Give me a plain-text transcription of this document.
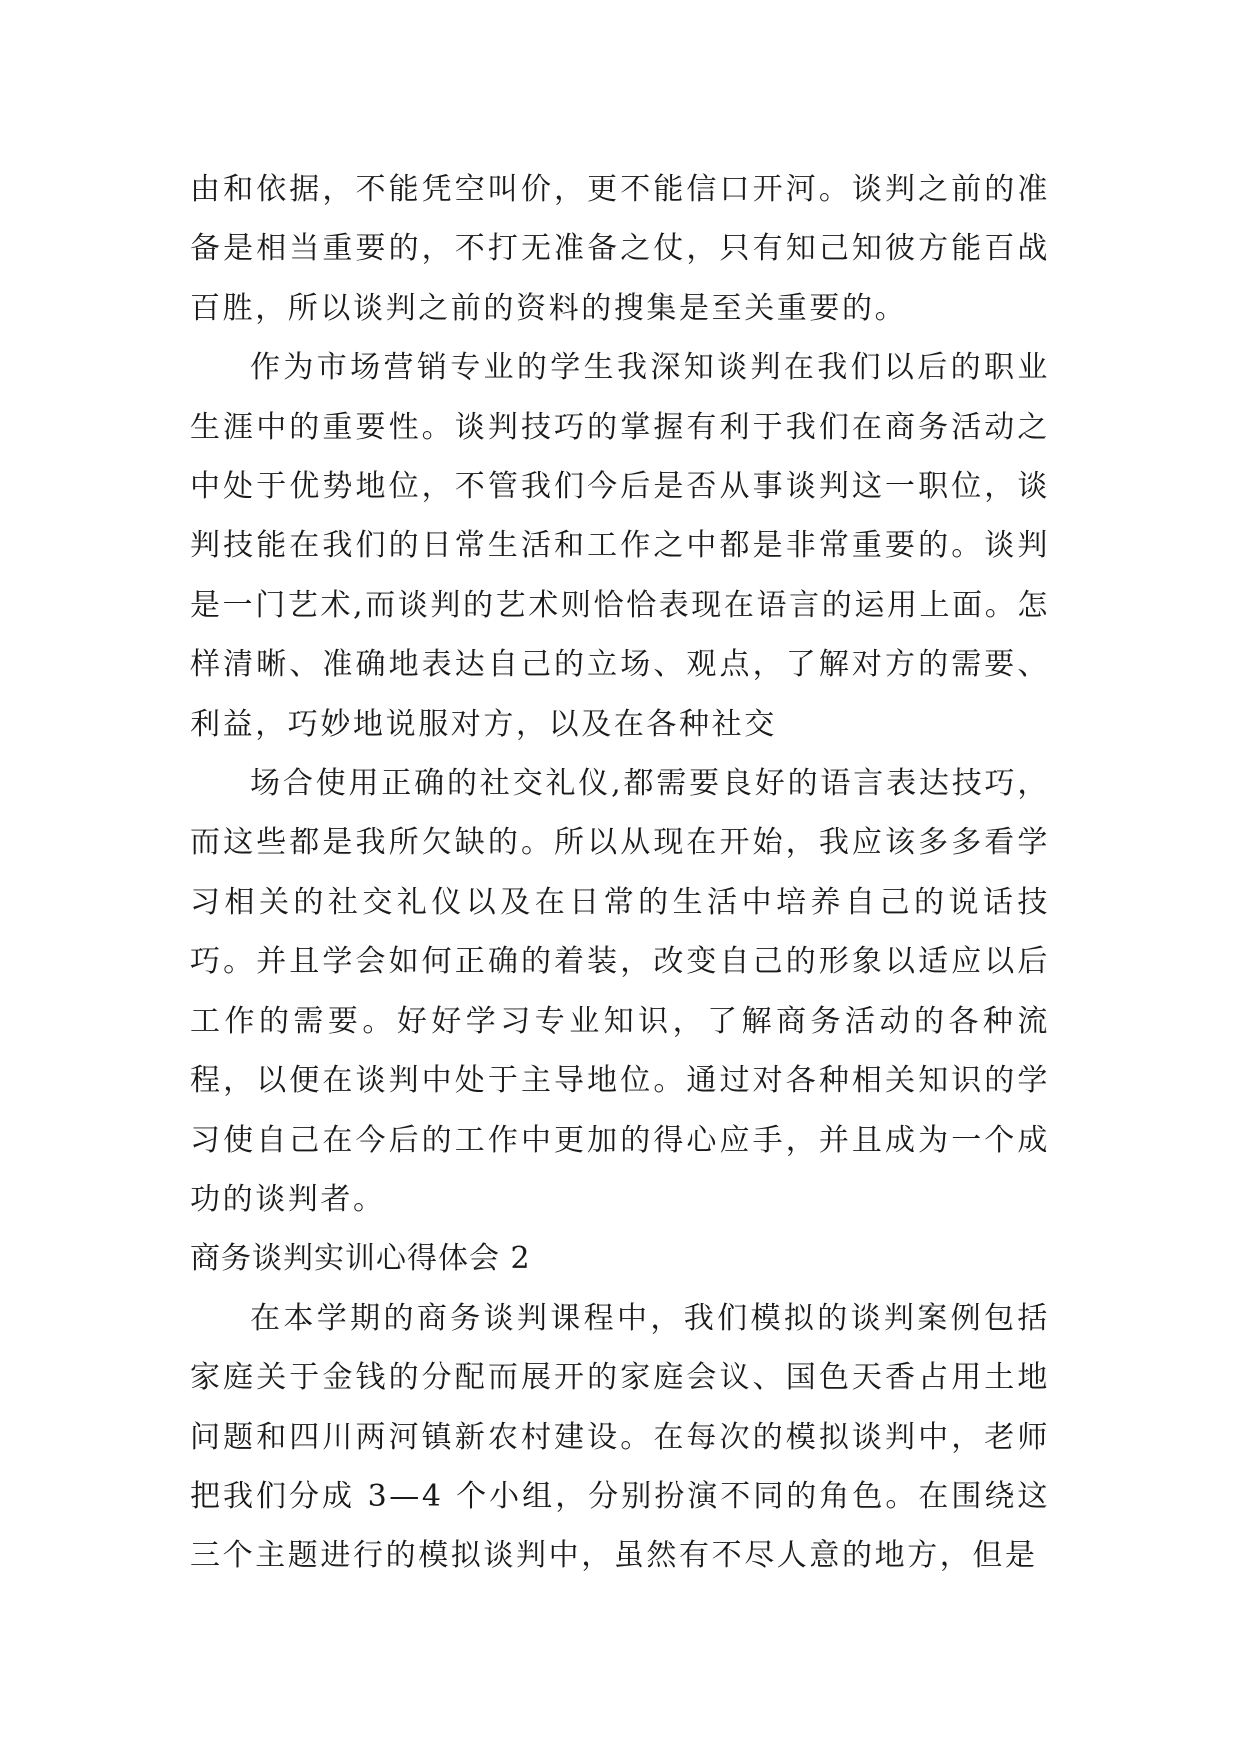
由和依据，不能凭空叫价，更不能信口开河。谈判之前的准备是相当重要的，不打无准备之仗，只有知己知彼方能百战百胜，所以谈判之前的资料的搜集是至关重要的。

作为市场营销专业的学生我深知谈判在我们以后的职业生涯中的重要性。谈判技巧的掌握有利于我们在商务活动之中处于优势地位，不管我们今后是否从事谈判这一职位，谈判技能在我们的日常生活和工作之中都是非常重要的。谈判是一门艺术,而谈判的艺术则恰恰表现在语言的运用上面。怎样清晰、准确地表达自己的立场、观点，了解对方的需要、利益，巧妙地说服对方，以及在各种社交

场合使用正确的社交礼仪,都需要良好的语言表达技巧，而这些都是我所欠缺的。所以从现在开始，我应该多多看学习相关的社交礼仪以及在日常的生活中培养自己的说话技巧。并且学会如何正确的着装，改变自己的形象以适应以后工作的需要。好好学习专业知识，了解商务活动的各种流程，以便在谈判中处于主导地位。通过对各种相关知识的学习使自己在今后的工作中更加的得心应手，并且成为一个成功的谈判者。

商务谈判实训心得体会 2

在本学期的商务谈判课程中，我们模拟的谈判案例包括家庭关于金钱的分配而展开的家庭会议、国色天香占用土地问题和四川两河镇新农村建设。在每次的模拟谈判中，老师把我们分成 3—4 个小组，分别扮演不同的角色。在围绕这三个主题进行的模拟谈判中，虽然有不尽人意的地方，但是
